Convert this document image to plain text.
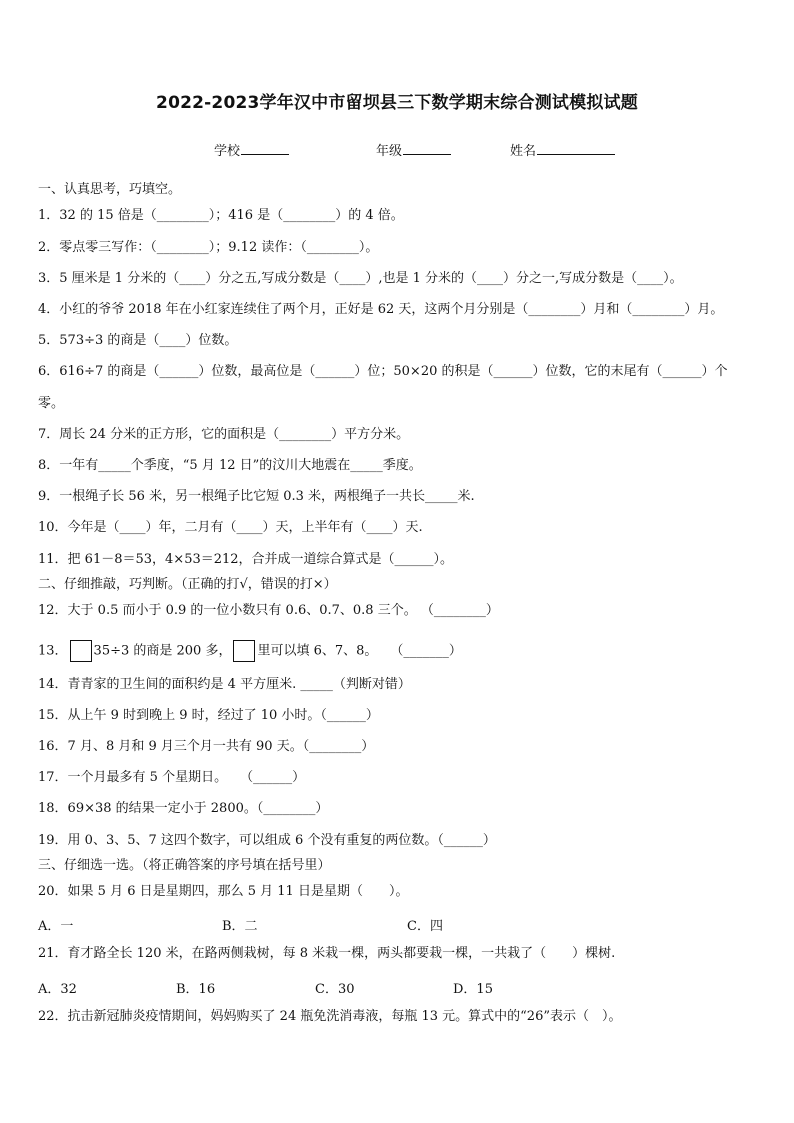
2022-2023学年汉中市留坝县三下数学期末综合测试模拟试题
学校	年级	姓名
一、认真思考，巧填空。
1．32 的 15 倍是（________）；416 是（________）的 4 倍。
2．零点零三写作：（________）；9.12 读作：（________）。
3．5 厘米是 1 分米的（____）分之五,写成分数是（____）,也是 1 分米的（____）分之一,写成分数是（____）。
4．小红的爷爷 2018 年在小红家连续住了两个月，正好是 62 天，这两个月分别是（________）月和（________）月。
5．573÷3 的商是（____）位数。
6．616÷7 的商是（______）位数，最高位是（______）位；50×20 的积是（______）位数，它的末尾有（______）个
零。
7．周长 24 分米的正方形，它的面积是（________）平方分米。
8．一年有_____个季度，“5 月 12 日”的汶川大地震在_____季度。
9．一根绳子长 56 米，另一根绳子比它短 0.3 米，两根绳子一共长_____米.
10．今年是（____）年，二月有（____）天，上半年有（____）天.
11．把 61－8＝53，4×53＝212，合并成一道综合算式是（______）。
二、仔细推敲，巧判断。（正确的打√，错误的打×）
12．大于 0.5 而小于 0.9 的一位小数只有 0.6、0.7、0.8 三个。 （________）
13． 35÷3 的商是 200 多， 里可以填 6、7、8。　　（_______）
14．青青家的卫生间的面积约是 4 平方厘米. _____（判断对错）
15．从上午 9 时到晚上 9 时，经过了 10 小时。（______）
16．7 月、8 月和 9 月三个月一共有 90 天。（________）
17．一个月最多有 5 个星期日。　　（______）
18．69×38 的结果一定小于 2800。（________）
19．用 0、3、5、7 这四个数字，可以组成 6 个没有重复的两位数。（______）
三、仔细选一选。（将正确答案的序号填在括号里）
20．如果 5 月 6 日是星期四，那么 5 月 11 日是星期（　　）。
A．一	B．二	C．四
21．育才路全长 120 米，在路两侧栽树，每 8 米栽一棵，两头都要栽一棵，一共栽了（　　）棵树.
A．32	B．16	C．30	D．15
22．抗击新冠肺炎疫情期间，妈妈购买了 24 瓶免洗消毒液，每瓶 13 元。算式中的“26”表示（　）。
